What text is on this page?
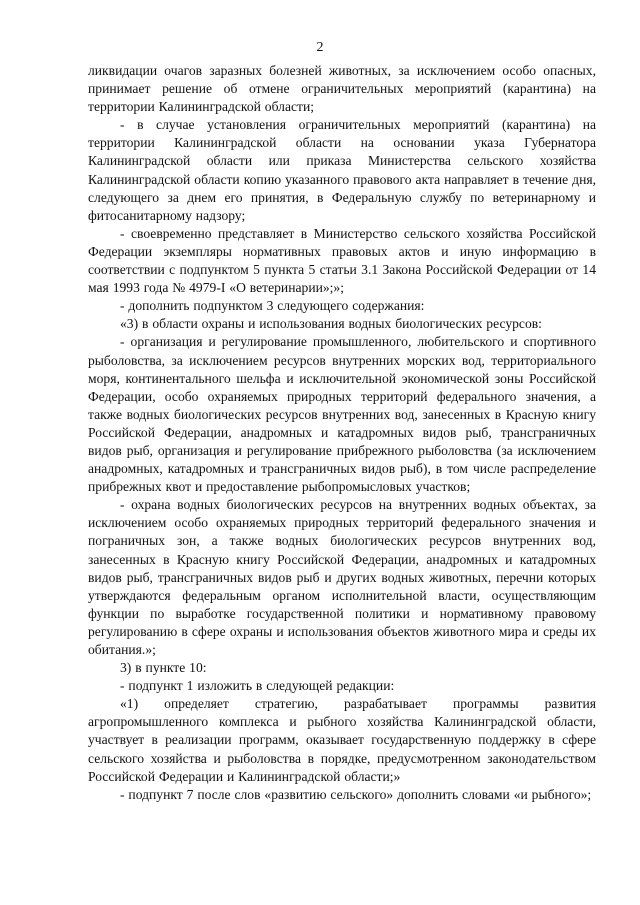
2

ликвидации очагов заразных болезней животных, за исключением особо опасных, принимает решение об отмене ограничительных мероприятий (карантина) на территории Калининградской области;

- в случае установления ограничительных мероприятий (карантина) на территории Калининградской области на основании указа Губернатора Калининградской области или приказа Министерства сельского хозяйства Калининградской области копию указанного правового акта направляет в течение дня, следующего за днем его принятия, в Федеральную службу по ветеринарному и фитосанитарному надзору;

- своевременно представляет в Министерство сельского хозяйства Российской Федерации экземпляры нормативных правовых актов и иную информацию в соответствии с подпунктом 5 пункта 5 статьи 3.1 Закона Российской Федерации от 14 мая 1993 года № 4979-I «О ветеринарии»;»;

- дополнить подпунктом 3 следующего содержания:

«3) в области охраны и использования водных биологических ресурсов:

- организация и регулирование промышленного, любительского и спортивного рыболовства, за исключением ресурсов внутренних морских вод, территориального моря, континентального шельфа и исключительной экономической зоны Российской Федерации, особо охраняемых природных территорий федерального значения, а также водных биологических ресурсов внутренних вод, занесенных в Красную книгу Российской Федерации, анадромных и катадромных видов рыб, трансграничных видов рыб, организация и регулирование прибрежного рыболовства (за исключением анадромных, катадромных и трансграничных видов рыб), в том числе распределение прибрежных квот и предоставление рыбопромысловых участков;

- охрана водных биологических ресурсов на внутренних водных объектах, за исключением особо охраняемых природных территорий федерального значения и пограничных зон, а также водных биологических ресурсов внутренних вод, занесенных в Красную книгу Российской Федерации, анадромных и катадромных видов рыб, трансграничных видов рыб и других водных животных, перечни которых утверждаются федеральным органом исполнительной власти, осуществляющим функции по выработке государственной политики и нормативному правовому регулированию в сфере охраны и использования объектов животного мира и среды их обитания.»;

3) в пункте 10:

- подпункт 1 изложить в следующей редакции:

«1) определяет стратегию, разрабатывает программы развития агропромышленного комплекса и рыбного хозяйства Калининградской области, участвует в реализации программ, оказывает государственную поддержку в сфере сельского хозяйства и рыболовства в порядке, предусмотренном законодательством Российской Федерации и Калининградской области;»

- подпункт 7 после слов «развитию сельского» дополнить словами «и рыбного»;
